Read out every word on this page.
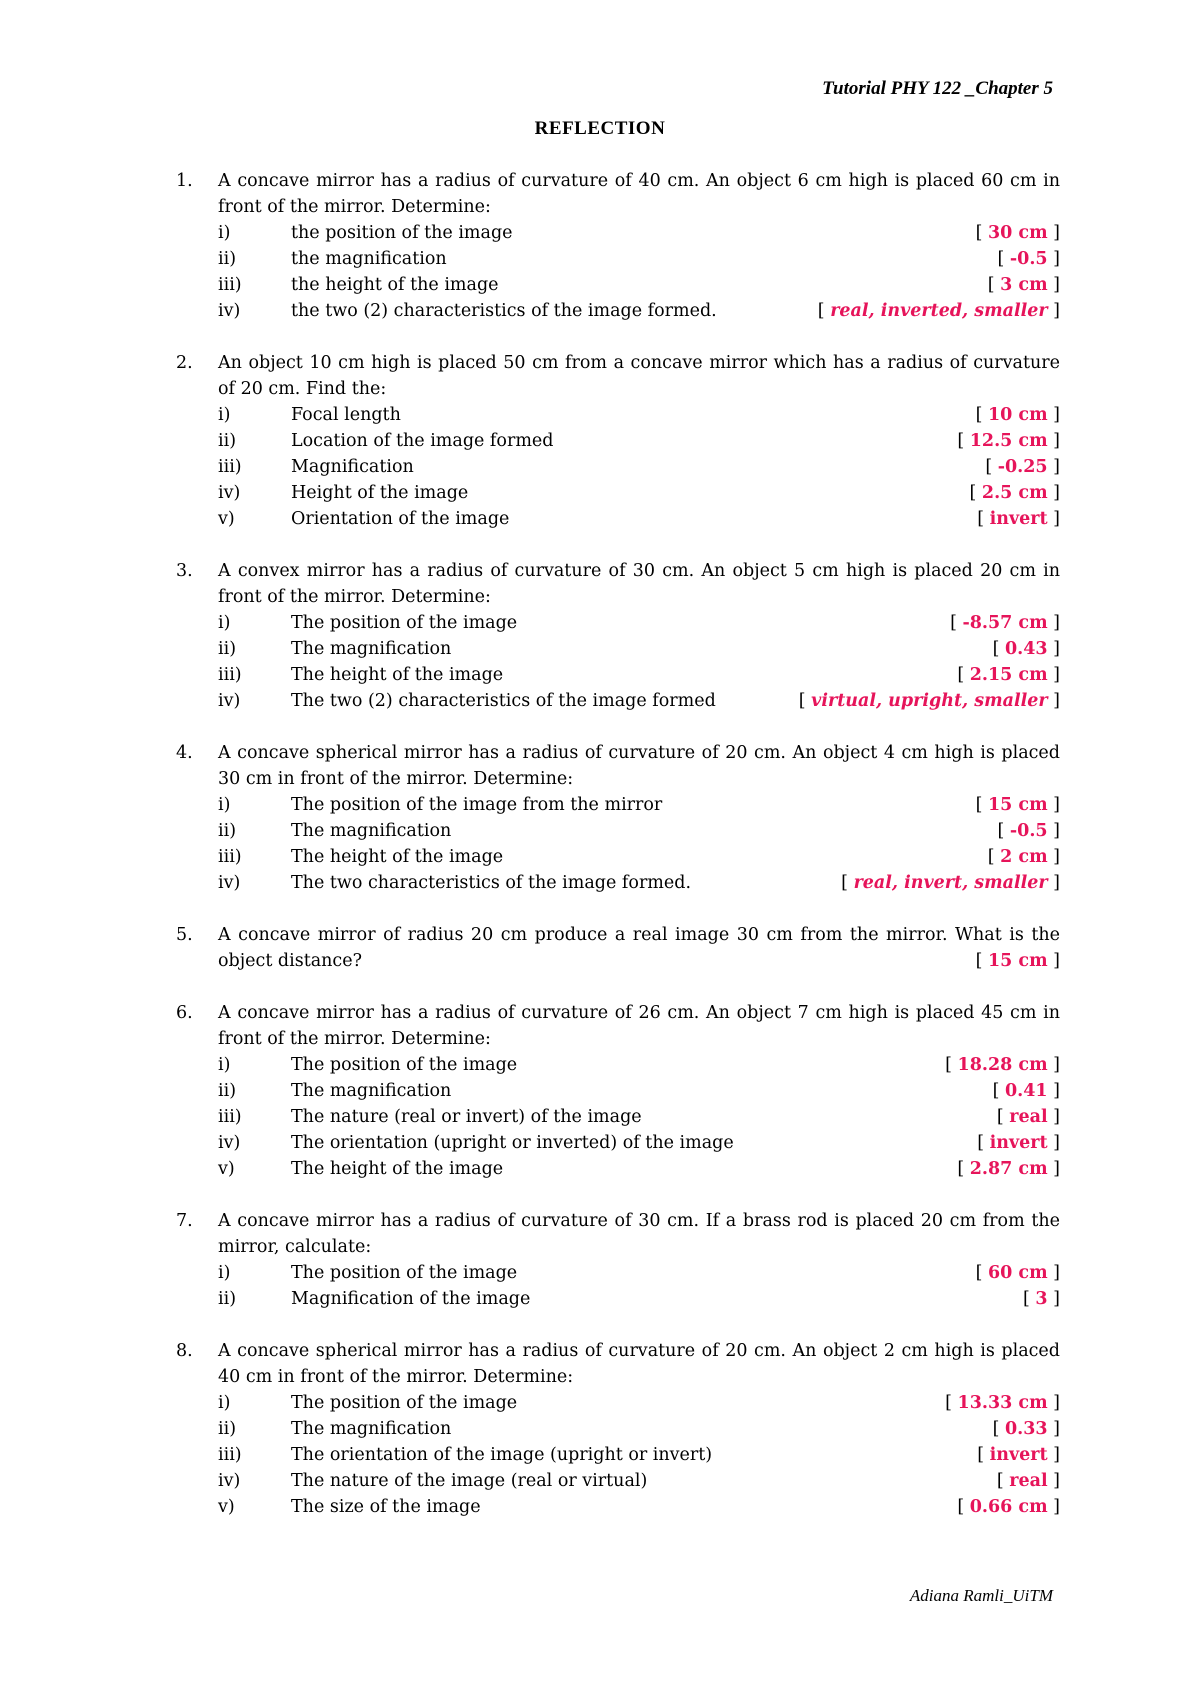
Tutorial PHY 122 _Chapter 5
REFLECTION
1. A concave mirror has a radius of curvature of 40 cm. An object 6 cm high is placed 60 cm in front of the mirror. Determine:
i)	the position of the image	[ 30 cm ]
ii)	the magnification	[ -0.5 ]
iii)	the height of the image	[ 3 cm ]
iv)	the two (2) characteristics of the image formed.	[ real, inverted, smaller ]
2. An object 10 cm high is placed 50 cm from a concave mirror which has a radius of curvature of 20 cm. Find the:
i)	Focal length	[ 10 cm ]
ii)	Location of the image formed	[ 12.5 cm ]
iii)	Magnification	[ -0.25 ]
iv)	Height of the image	[ 2.5 cm ]
v)	Orientation of the image	[ invert ]
3. A convex mirror has a radius of curvature of 30 cm. An object 5 cm high is placed 20 cm in front of the mirror. Determine:
i)	The position of the image	[ -8.57 cm ]
ii)	The magnification	[ 0.43 ]
iii)	The height of the image	[ 2.15 cm ]
iv)	The two (2) characteristics of the image formed	[ virtual, upright, smaller ]
4. A concave spherical mirror has a radius of curvature of 20 cm. An object 4 cm high is placed 30 cm in front of the mirror. Determine:
i)	The position of the image from the mirror	[ 15 cm ]
ii)	The magnification	[ -0.5 ]
iii)	The height of the image	[ 2 cm ]
iv)	The two characteristics of the image formed.	[ real, invert, smaller ]
5. A concave mirror of radius 20 cm produce a real image 30 cm from the mirror. What is the object distance?	[ 15 cm ]
6. A concave mirror has a radius of curvature of 26 cm. An object 7 cm high is placed 45 cm in front of the mirror. Determine:
i)	The position of the image	[ 18.28 cm ]
ii)	The magnification	[ 0.41 ]
iii)	The nature (real or invert) of the image	[ real ]
iv)	The orientation (upright or inverted) of the image	[ invert ]
v)	The height of the image	[ 2.87 cm ]
7. A concave mirror has a radius of curvature of 30 cm. If a brass rod is placed 20 cm from the mirror, calculate:
i)	The position of the image	[ 60 cm ]
ii)	Magnification of the image	[ 3 ]
8. A concave spherical mirror has a radius of curvature of 20 cm. An object 2 cm high is placed 40 cm in front of the mirror. Determine:
i)	The position of the image	[ 13.33 cm ]
ii)	The magnification	[ 0.33 ]
iii)	The orientation of the image (upright or invert)	[ invert ]
iv)	The nature of the image (real or virtual)	[ real ]
v)	The size of the image	[ 0.66 cm ]
Adiana Ramli_UiTM
